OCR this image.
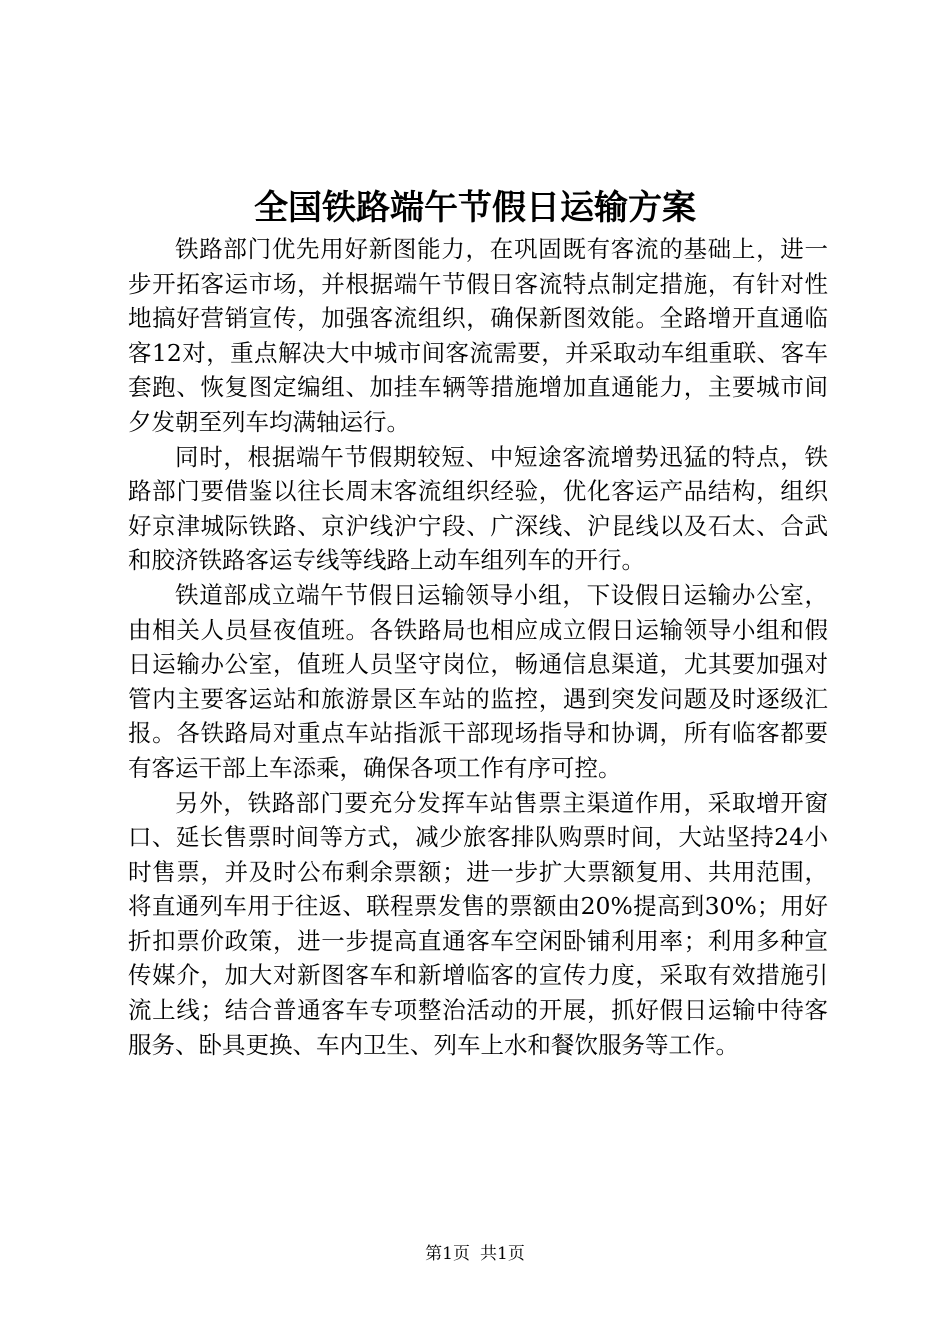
全国铁路端午节假日运输方案

铁路部门优先用好新图能力，在巩固既有客流的基础上，进一步开拓客运市场，并根据端午节假日客流特点制定措施，有针对性地搞好营销宣传，加强客流组织，确保新图效能。全路增开直通临客12对，重点解决大中城市间客流需要，并采取动车组重联、客车套跑、恢复图定编组、加挂车辆等措施增加直通能力，主要城市间夕发朝至列车均满轴运行。

同时，根据端午节假期较短、中短途客流增势迅猛的特点，铁路部门要借鉴以往长周末客流组织经验，优化客运产品结构，组织好京津城际铁路、京沪线沪宁段、广深线、沪昆线以及石太、合武和胶济铁路客运专线等线路上动车组列车的开行。

铁道部成立端午节假日运输领导小组，下设假日运输办公室，由相关人员昼夜值班。各铁路局也相应成立假日运输领导小组和假日运输办公室，值班人员坚守岗位，畅通信息渠道，尤其要加强对管内主要客运站和旅游景区车站的监控，遇到突发问题及时逐级汇报。各铁路局对重点车站指派干部现场指导和协调，所有临客都要有客运干部上车添乘，确保各项工作有序可控。

另外，铁路部门要充分发挥车站售票主渠道作用，采取增开窗口、延长售票时间等方式，减少旅客排队购票时间，大站坚持24小时售票，并及时公布剩余票额；进一步扩大票额复用、共用范围，将直通列车用于往返、联程票发售的票额由20%提高到30%；用好折扣票价政策，进一步提高直通客车空闲卧铺利用率；利用多种宣传媒介，加大对新图客车和新增临客的宣传力度，采取有效措施引流上线；结合普通客车专项整治活动的开展，抓好假日运输中待客服务、卧具更换、车内卫生、列车上水和餐饮服务等工作。

第1页 共1页
